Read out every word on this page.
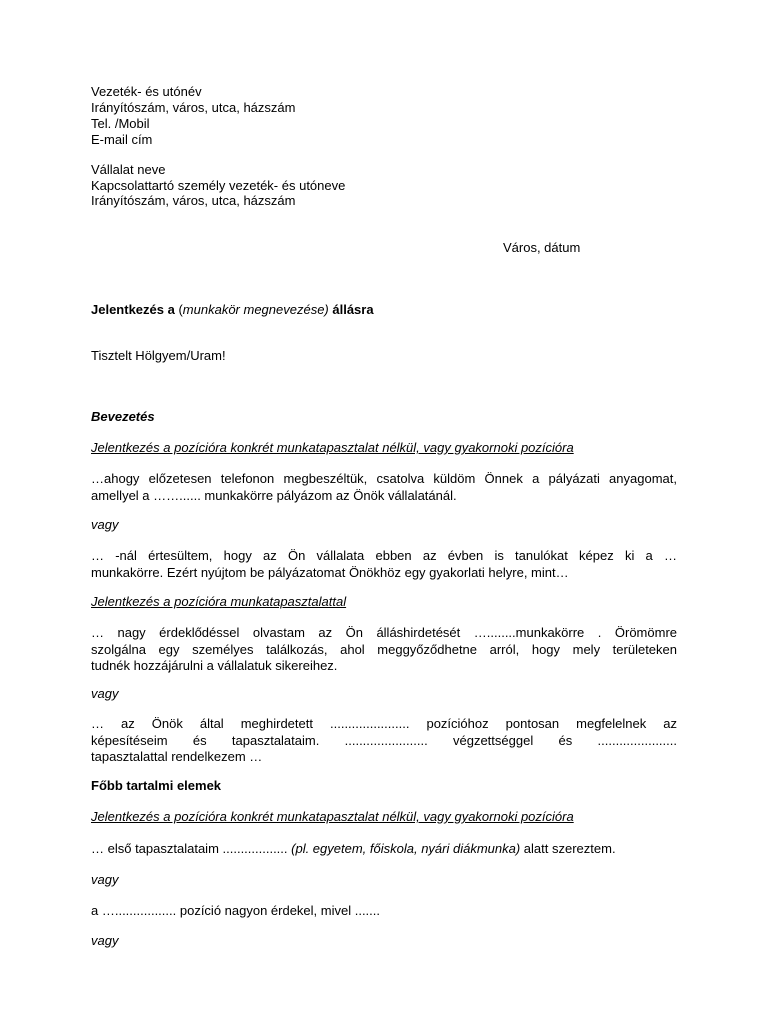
Vezeték- és utónév
Irányítószám, város, utca, házszám
Tel. /Mobil
E-mail cím
Vállalat neve
Kapcsolattartó személy vezeték- és utóneve
Irányítószám, város, utca, házszám
Város, dátum
Jelentkezés a (munkakör megnevezése) állásra
Tisztelt Hölgyem/Uram!
Bevezetés
Jelentkezés a pozícióra konkrét munkatapasztalat nélkül, vagy gyakornoki pozícióra
…ahogy előzetesen telefonon megbeszéltük, csatolva küldöm Önnek a pályázati anyagomat,
amellyel a ……...... munkakörre pályázom az Önök vállalatánál.
vagy
… -nál értesültem, hogy az Ön vállalata ebben az évben is tanulókat képez ki a …
munkakörre. Ezért nyújtom be pályázatomat Önökhöz egy gyakorlati helyre, mint…
Jelentkezés a pozícióra munkatapasztalattal
… nagy érdeklődéssel olvastam az Ön álláshirdetését …........munkakörre . Örömömre
szolgálna egy személyes találkozás, ahol meggyőződhetne arról, hogy mely területeken
tudnék hozzájárulni a vállalatuk sikereihez.
vagy
… az Önök által meghirdetett ...................... pozícióhoz pontosan megfelelnek az
képesítéseim és tapasztalataim. ....................... végzettséggel és ......................
tapasztalattal rendelkezem …
Főbb tartalmi elemek
Jelentkezés a pozícióra konkrét munkatapasztalat nélkül, vagy gyakornoki pozícióra
… első tapasztalataim .................. (pl. egyetem, főiskola, nyári diákmunka) alatt szereztem.
vagy
a …................. pozíció nagyon érdekel, mivel .......
vagy
